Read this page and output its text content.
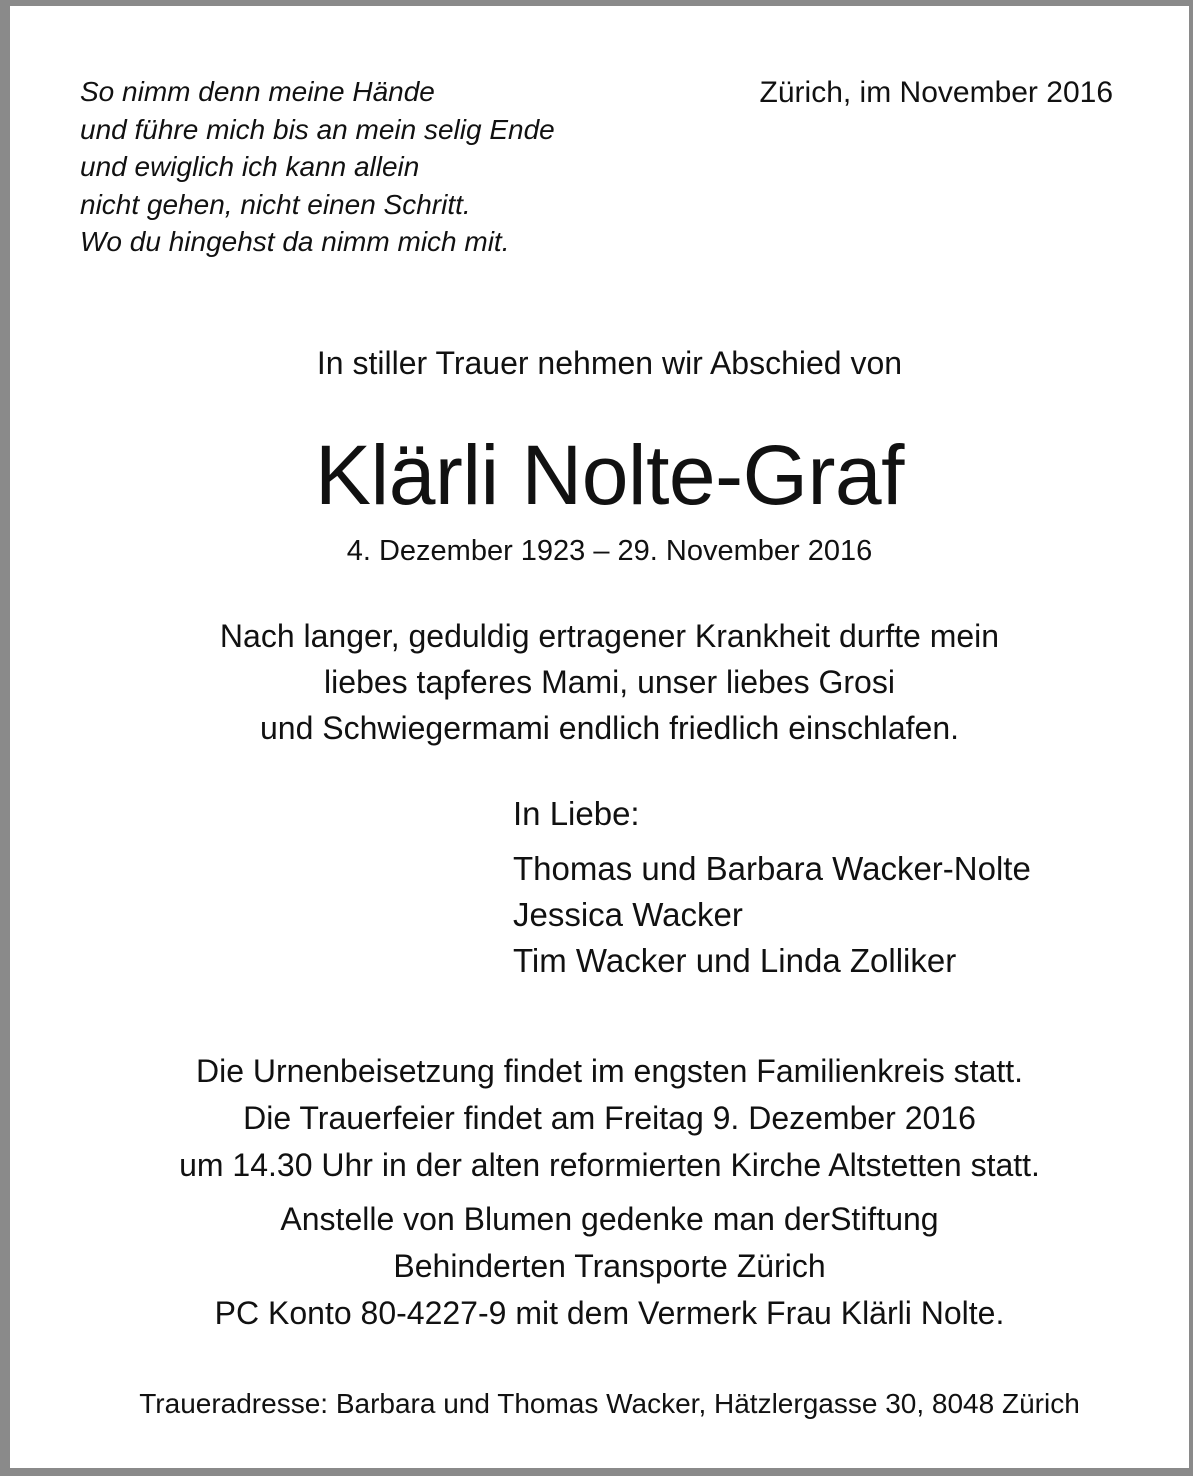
So nimm denn meine Hände
und führe mich bis an mein selig Ende
und ewiglich ich kann allein
nicht gehen, nicht einen Schritt.
Wo du hingehst da nimm mich mit.
Zürich, im November 2016
In stiller Trauer nehmen wir Abschied von
Klärli Nolte-Graf
4. Dezember 1923 – 29. November 2016
Nach langer, geduldig ertragener Krankheit durfte mein
liebes tapferes Mami, unser liebes Grosi
und Schwiegermami endlich friedlich einschlafen.
In Liebe:
Thomas und Barbara Wacker-Nolte
Jessica Wacker
Tim Wacker und Linda Zolliker
Die Urnenbeisetzung findet im engsten Familienkreis statt.
Die Trauerfeier findet am Freitag 9. Dezember 2016
um 14.30 Uhr in der alten reformierten Kirche Altstetten statt.
Anstelle von Blumen gedenke man derStiftung
Behinderten Transporte Zürich
PC Konto 80-4227-9 mit dem Vermerk Frau Klärli Nolte.
Traueradresse: Barbara und Thomas Wacker, Hätzlergasse 30, 8048 Zürich
